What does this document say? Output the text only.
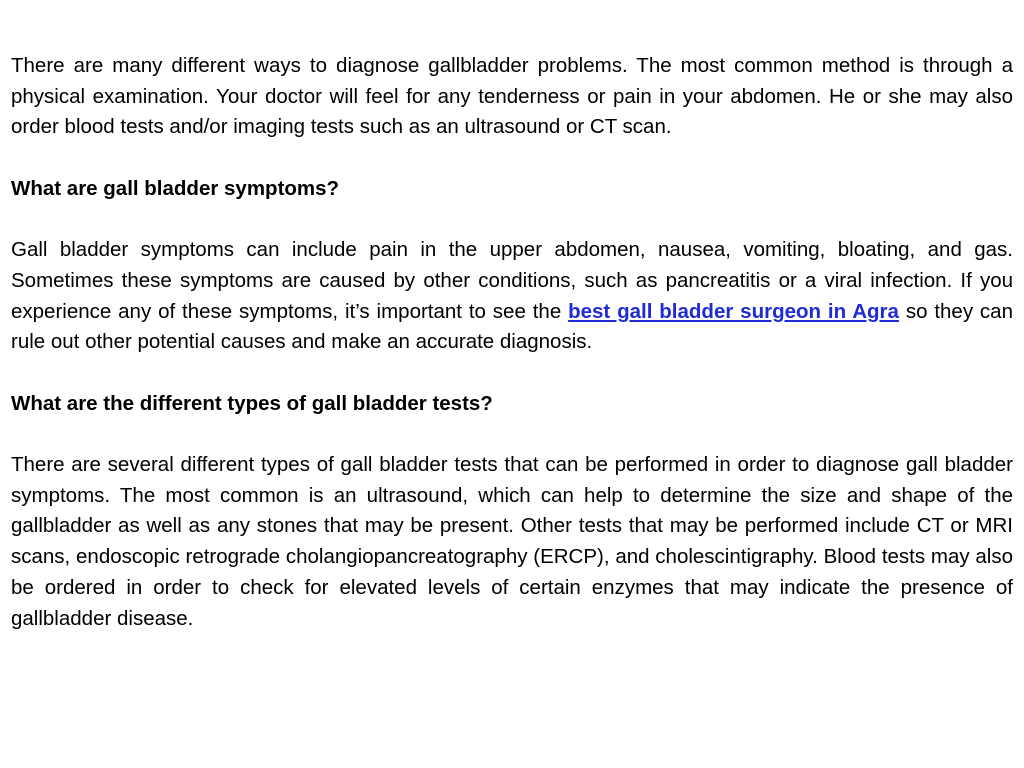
There are many different ways to diagnose gallbladder problems. The most common method is through a physical examination. Your doctor will feel for any tenderness or pain in your abdomen. He or she may also order blood tests and/or imaging tests such as an ultrasound or CT scan.

What are gall bladder symptoms?

Gall bladder symptoms can include pain in the upper abdomen, nausea, vomiting, bloating, and gas. Sometimes these symptoms are caused by other conditions, such as pancreatitis or a viral infection. If you experience any of these symptoms, it’s important to see the best gall bladder surgeon in Agra so they can rule out other potential causes and make an accurate diagnosis.

What are the different types of gall bladder tests?

There are several different types of gall bladder tests that can be performed in order to diagnose gall bladder symptoms. The most common is an ultrasound, which can help to determine the size and shape of the gallbladder as well as any stones that may be present. Other tests that may be performed include CT or MRI scans, endoscopic retrograde cholangiopancreatography (ERCP), and cholescintigraphy. Blood tests may also be ordered in order to check for elevated levels of certain enzymes that may indicate the presence of gallbladder disease.
